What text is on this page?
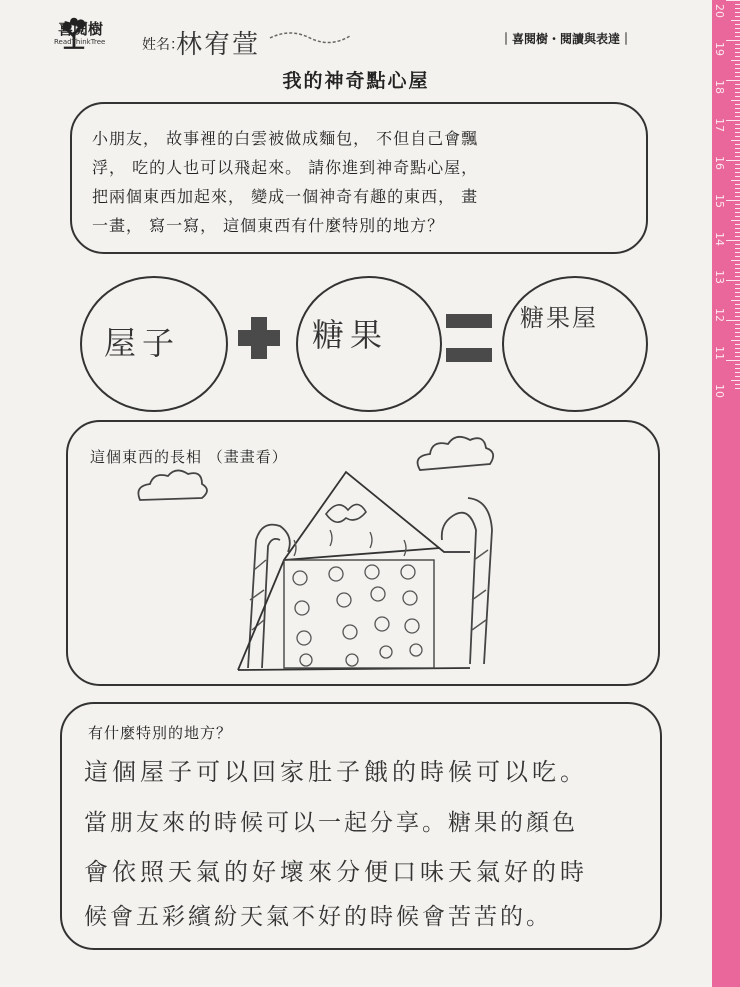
喜閱樹
ReadThinkTree	姓名：
林宥萱	｜喜閱樹・閱讀與表達｜
我的神奇點心屋
小朋友， 故事裡的白雲被做成麵包， 不但自己會飄
浮， 吃的人也可以飛起來。 請你進到神奇點心屋，
把兩個東西加起來， 變成一個神奇有趣的東西， 畫
一畫， 寫一寫， 這個東西有什麼特別的地方？
屋子	糖果	糖果屋
這個東西的長相 （畫畫看）
有什麼特別的地方？
這個屋子可以回家肚子餓的時候可以吃。
當朋友來的時候可以一起分享。糖果的顏色
會依照天氣的好壞來分便口味天氣好的時
候會五彩繽紛天氣不好的時候會苦苦的。
20
19
18
17
16
15
14
13
12
11
10
